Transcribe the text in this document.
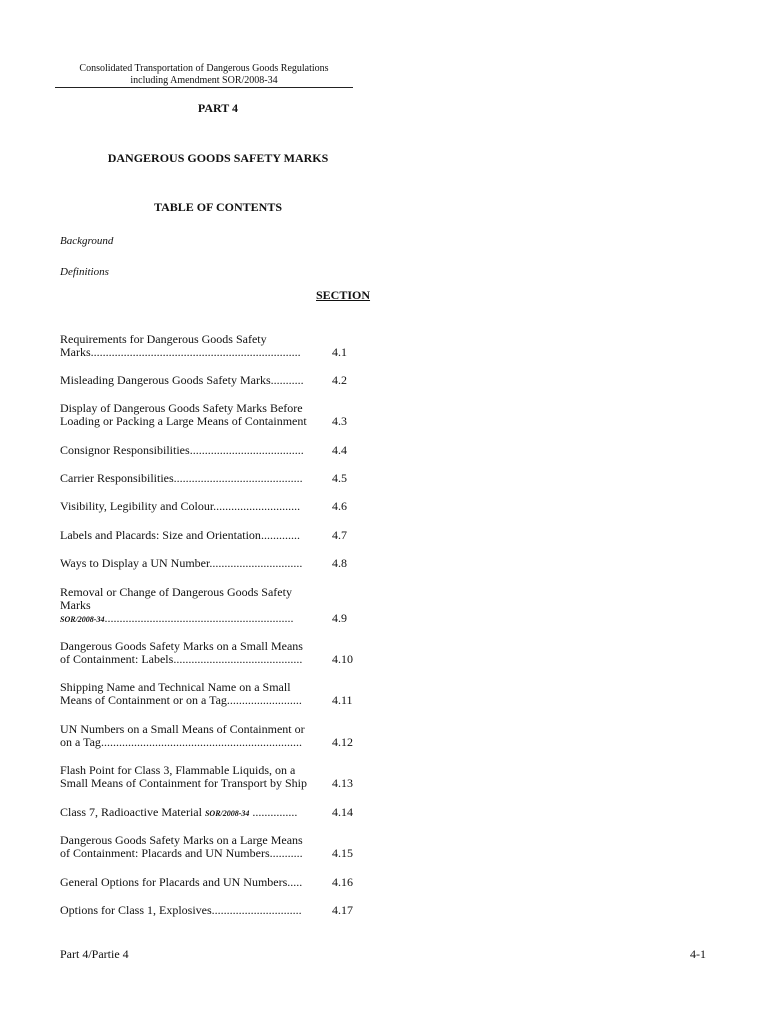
Consolidated Transportation of Dangerous Goods Regulations
including Amendment SOR/2008-34
PART 4
DANGEROUS GOODS SAFETY MARKS
TABLE OF CONTENTS
Background
Definitions
SECTION
Requirements for Dangerous Goods Safety
Marks......................................................................	4.1
Misleading Dangerous Goods Safety Marks...........	4.2
Display of Dangerous Goods Safety Marks Before
Loading or Packing a Large Means of Containment	4.3
Consignor Responsibilities......................................	4.4
Carrier Responsibilities...........................................	4.5
Visibility, Legibility and Colour.............................	4.6
Labels and Placards: Size and Orientation.............	4.7
Ways to Display a UN Number...............................	4.8
Removal or Change of Dangerous Goods Safety
Marks
SOR/2008-34...............................................................	4.9
Dangerous Goods Safety Marks on a Small Means
of Containment: Labels...........................................	4.10
Shipping Name and Technical Name on a Small
Means of Containment or on a Tag.........................	4.11
UN Numbers on a Small Means of Containment or
on a Tag...................................................................	4.12
Flash Point for Class 3, Flammable Liquids, on a
Small Means of Containment for Transport by Ship	4.13
Class 7, Radioactive Material SOR/2008-34 ...............	4.14
Dangerous Goods Safety Marks on a Large Means
of Containment: Placards and UN Numbers...........	4.15
General Options for Placards and UN Numbers.....	4.16
Options for Class 1, Explosives..............................	4.17
Part 4/Partie 4	4-1
